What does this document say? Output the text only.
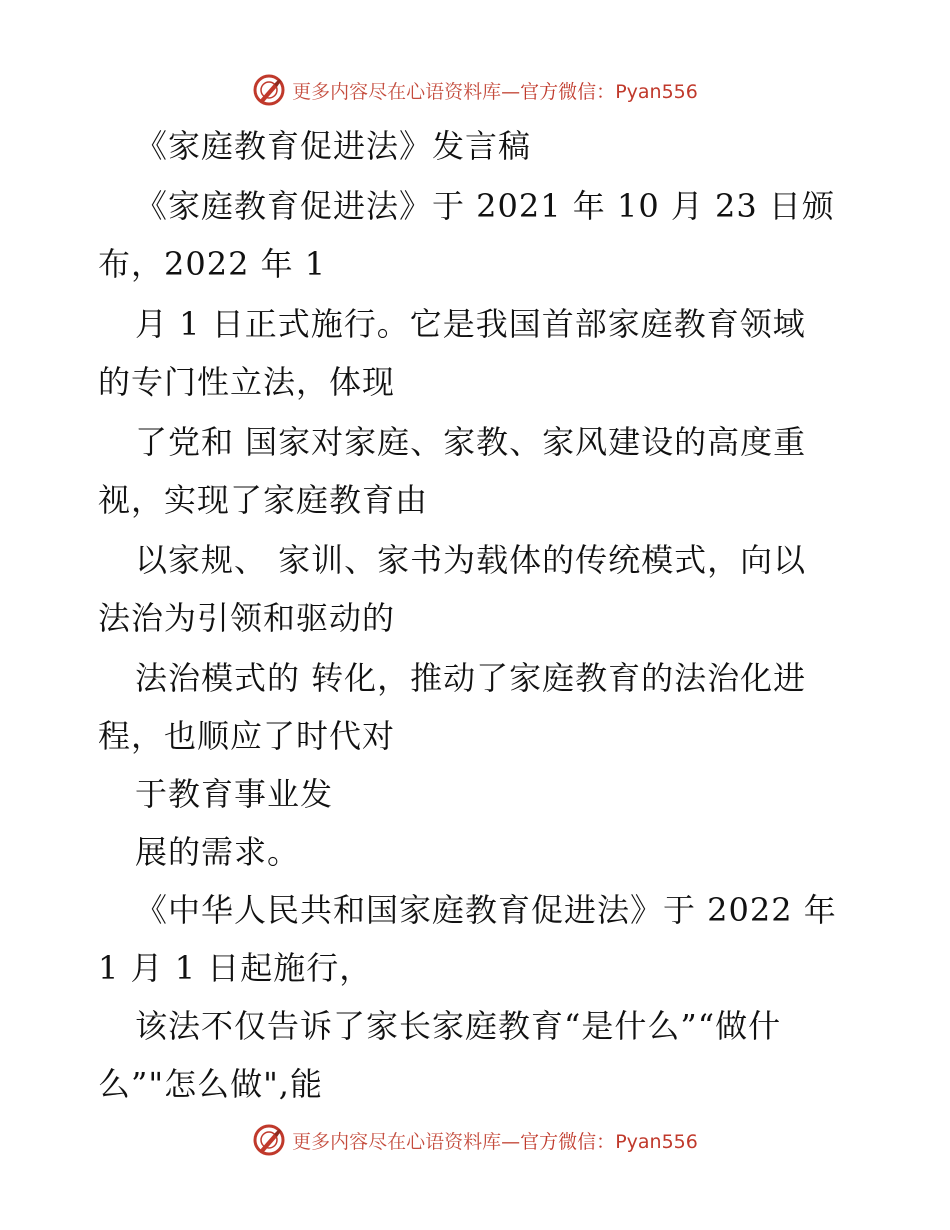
更多内容尽在心语资料库—官方微信：Pyan556
《家庭教育促进法》发言稿
《家庭教育促进法》于 2021 年 10 月 23 日颁
布，2022 年 1
月 1 日正式施行。它是我国首部家庭教育领域
的专门性立法，体现
了党和 国家对家庭、家教、家风建设的高度重
视，实现了家庭教育由
以家规、 家训、家书为载体的传统模式，向以
法治为引领和驱动的
法治模式的 转化，推动了家庭教育的法治化进
程，也顺应了时代对
于教育事业发
展的需求。
《中华人民共和国家庭教育促进法》于 2022 年
1 月 1 日起施行，
该法不仅告诉了家长家庭教育“是什么”“做什
么”"怎么做",能
更多内容尽在心语资料库—官方微信：Pyan556
